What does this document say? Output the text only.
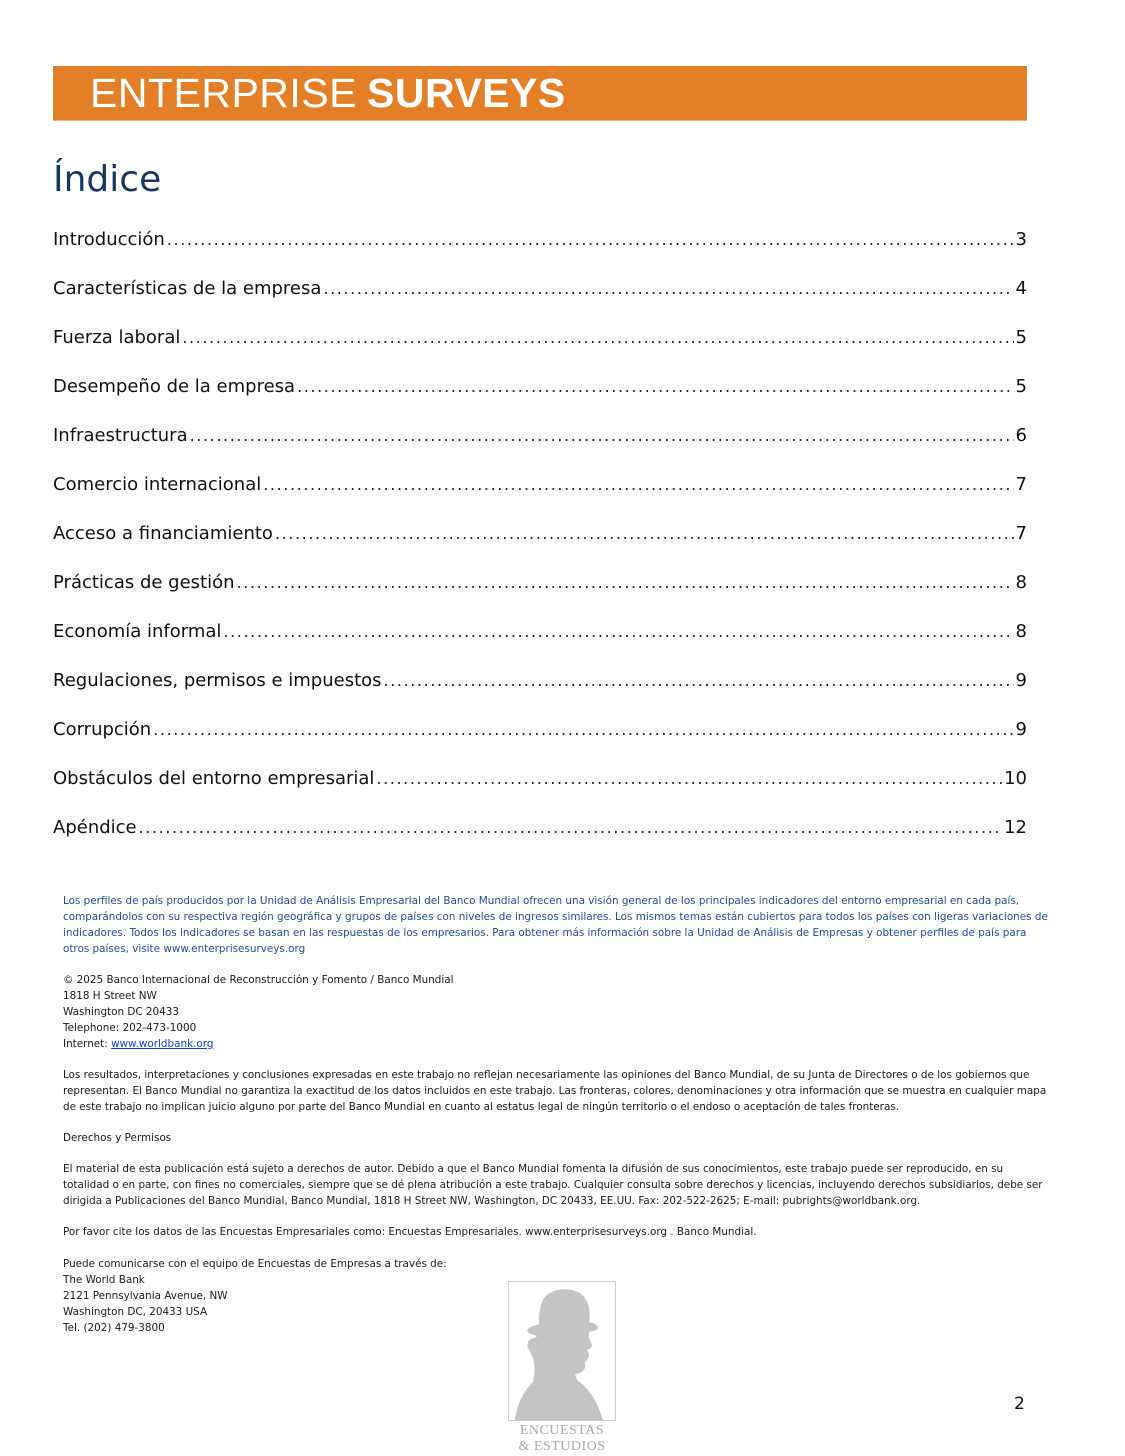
ENTERPRISE SURVEYS
Índice
Introducción .....	3
Características de la empresa .....	4
Fuerza laboral .....	5
Desempeño de la empresa .....	5
Infraestructura .....	6
Comercio internacional .....	7
Acceso a financiamiento .....	7
Prácticas de gestión .....	8
Economía informal .....	8
Regulaciones, permisos e impuestos .....	9
Corrupción .....	9
Obstáculos del entorno empresarial .....	10
Apéndice .....	12

Los perfiles de país producidos por la Unidad de Análisis Empresarial del Banco Mundial ofrecen una visión general de los principales indicadores del entorno empresarial en cada país, comparándolos con su respectiva región geográfica y grupos de países con niveles de ingresos similares. Los mismos temas están cubiertos para todos los países con ligeras variaciones de indicadores. Todos los indicadores se basan en las respuestas de los empresarios. Para obtener más información sobre la Unidad de Análisis de Empresas y obtener perfiles de país para otros países, visite www.enterprisesurveys.org

© 2025 Banco Internacional de Reconstrucción y Fomento / Banco Mundial
1818 H Street NW
Washington DC 20433
Telephone: 202-473-1000
Internet: www.worldbank.org

Los resultados, interpretaciones y conclusiones expresadas en este trabajo no reflejan necesariamente las opiniones del Banco Mundial, de su Junta de Directores o de los gobiernos que representan. El Banco Mundial no garantiza la exactitud de los datos incluidos en este trabajo. Las fronteras, colores, denominaciones y otra información que se muestra en cualquier mapa de este trabajo no implican juicio alguno por parte del Banco Mundial en cuanto al estatus legal de ningún territorio o el endoso o aceptación de tales fronteras.

Derechos y Permisos

El material de esta publicación está sujeto a derechos de autor. Debido a que el Banco Mundial fomenta la difusión de sus conocimientos, este trabajo puede ser reproducido, en su totalidad o en parte, con fines no comerciales, siempre que se dé plena atribución a este trabajo. Cualquier consulta sobre derechos y licencias, incluyendo derechos subsidiarios, debe ser dirigida a Publicaciones del Banco Mundial, Banco Mundial, 1818 H Street NW, Washington, DC 20433, EE.UU. Fax: 202-522-2625; E-mail: pubrights@worldbank.org.

Por favor cite los datos de las Encuestas Empresariales como: Encuestas Empresariales. www.enterprisesurveys.org . Banco Mundial.

Puede comunicarse con el equipo de Encuestas de Empresas a través de:
The World Bank
2121 Pennsylvania Avenue, NW
Washington DC, 20433 USA
Tel. (202) 479-3800
ENCUESTAS
& ESTUDIOS
2
